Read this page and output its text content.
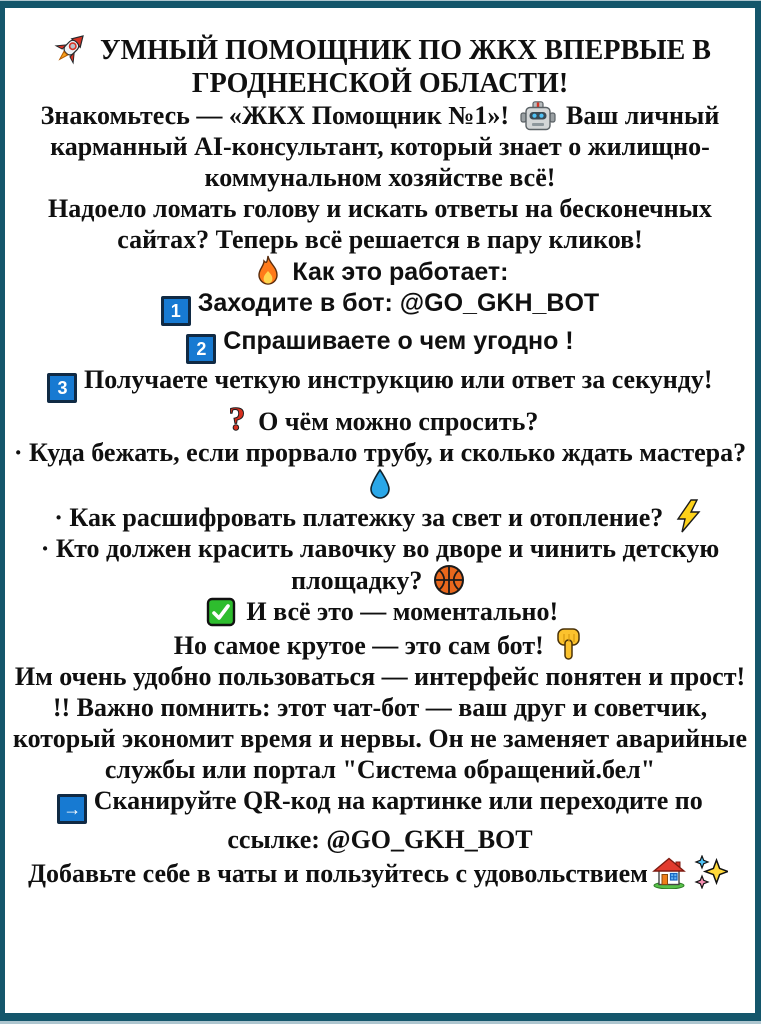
УМНЫЙ ПОМОЩНИК ПО ЖКХ ВПЕРВЫЕ В ГРОДНЕНСКОЙ ОБЛАСТИ!

Знакомьтесь — «ЖКХ Помощник №1»!  Ваш личный карманный AI-консультант, который знает о жилищно-коммунальном хозяйстве всё!

Надоело ломать голову и искать ответы на бесконечных сайтах? Теперь всё решается в пару кликов!

Как это работает:

1 Заходите в бот: @GO_GKH_BOT

2 Спрашиваете о чем угодно !

3 Получаете четкую инструкцию или ответ за секунду!

? О чём можно спросить?

· Куда бежать, если прорвало трубу, и сколько ждать мастера?

· Как расшифровать платежку за свет и отопление?

· Кто должен красить лавочку во дворе и чинить детскую площадку?

И всё это — моментально!

Но самое крутое — это сам бот!

Им очень удобно пользоваться — интерфейс понятен и прост!

!! Важно помнить: этот чат-бот — ваш друг и советчик, который экономит время и нервы. Он не заменяет аварийные службы или портал "Система обращений.бел"

→ Сканируйте QR-код на картинке или переходите по ссылке: @GO_GKH_BOT

Добавьте себе в чаты и пользуйтесь с удовольствием
